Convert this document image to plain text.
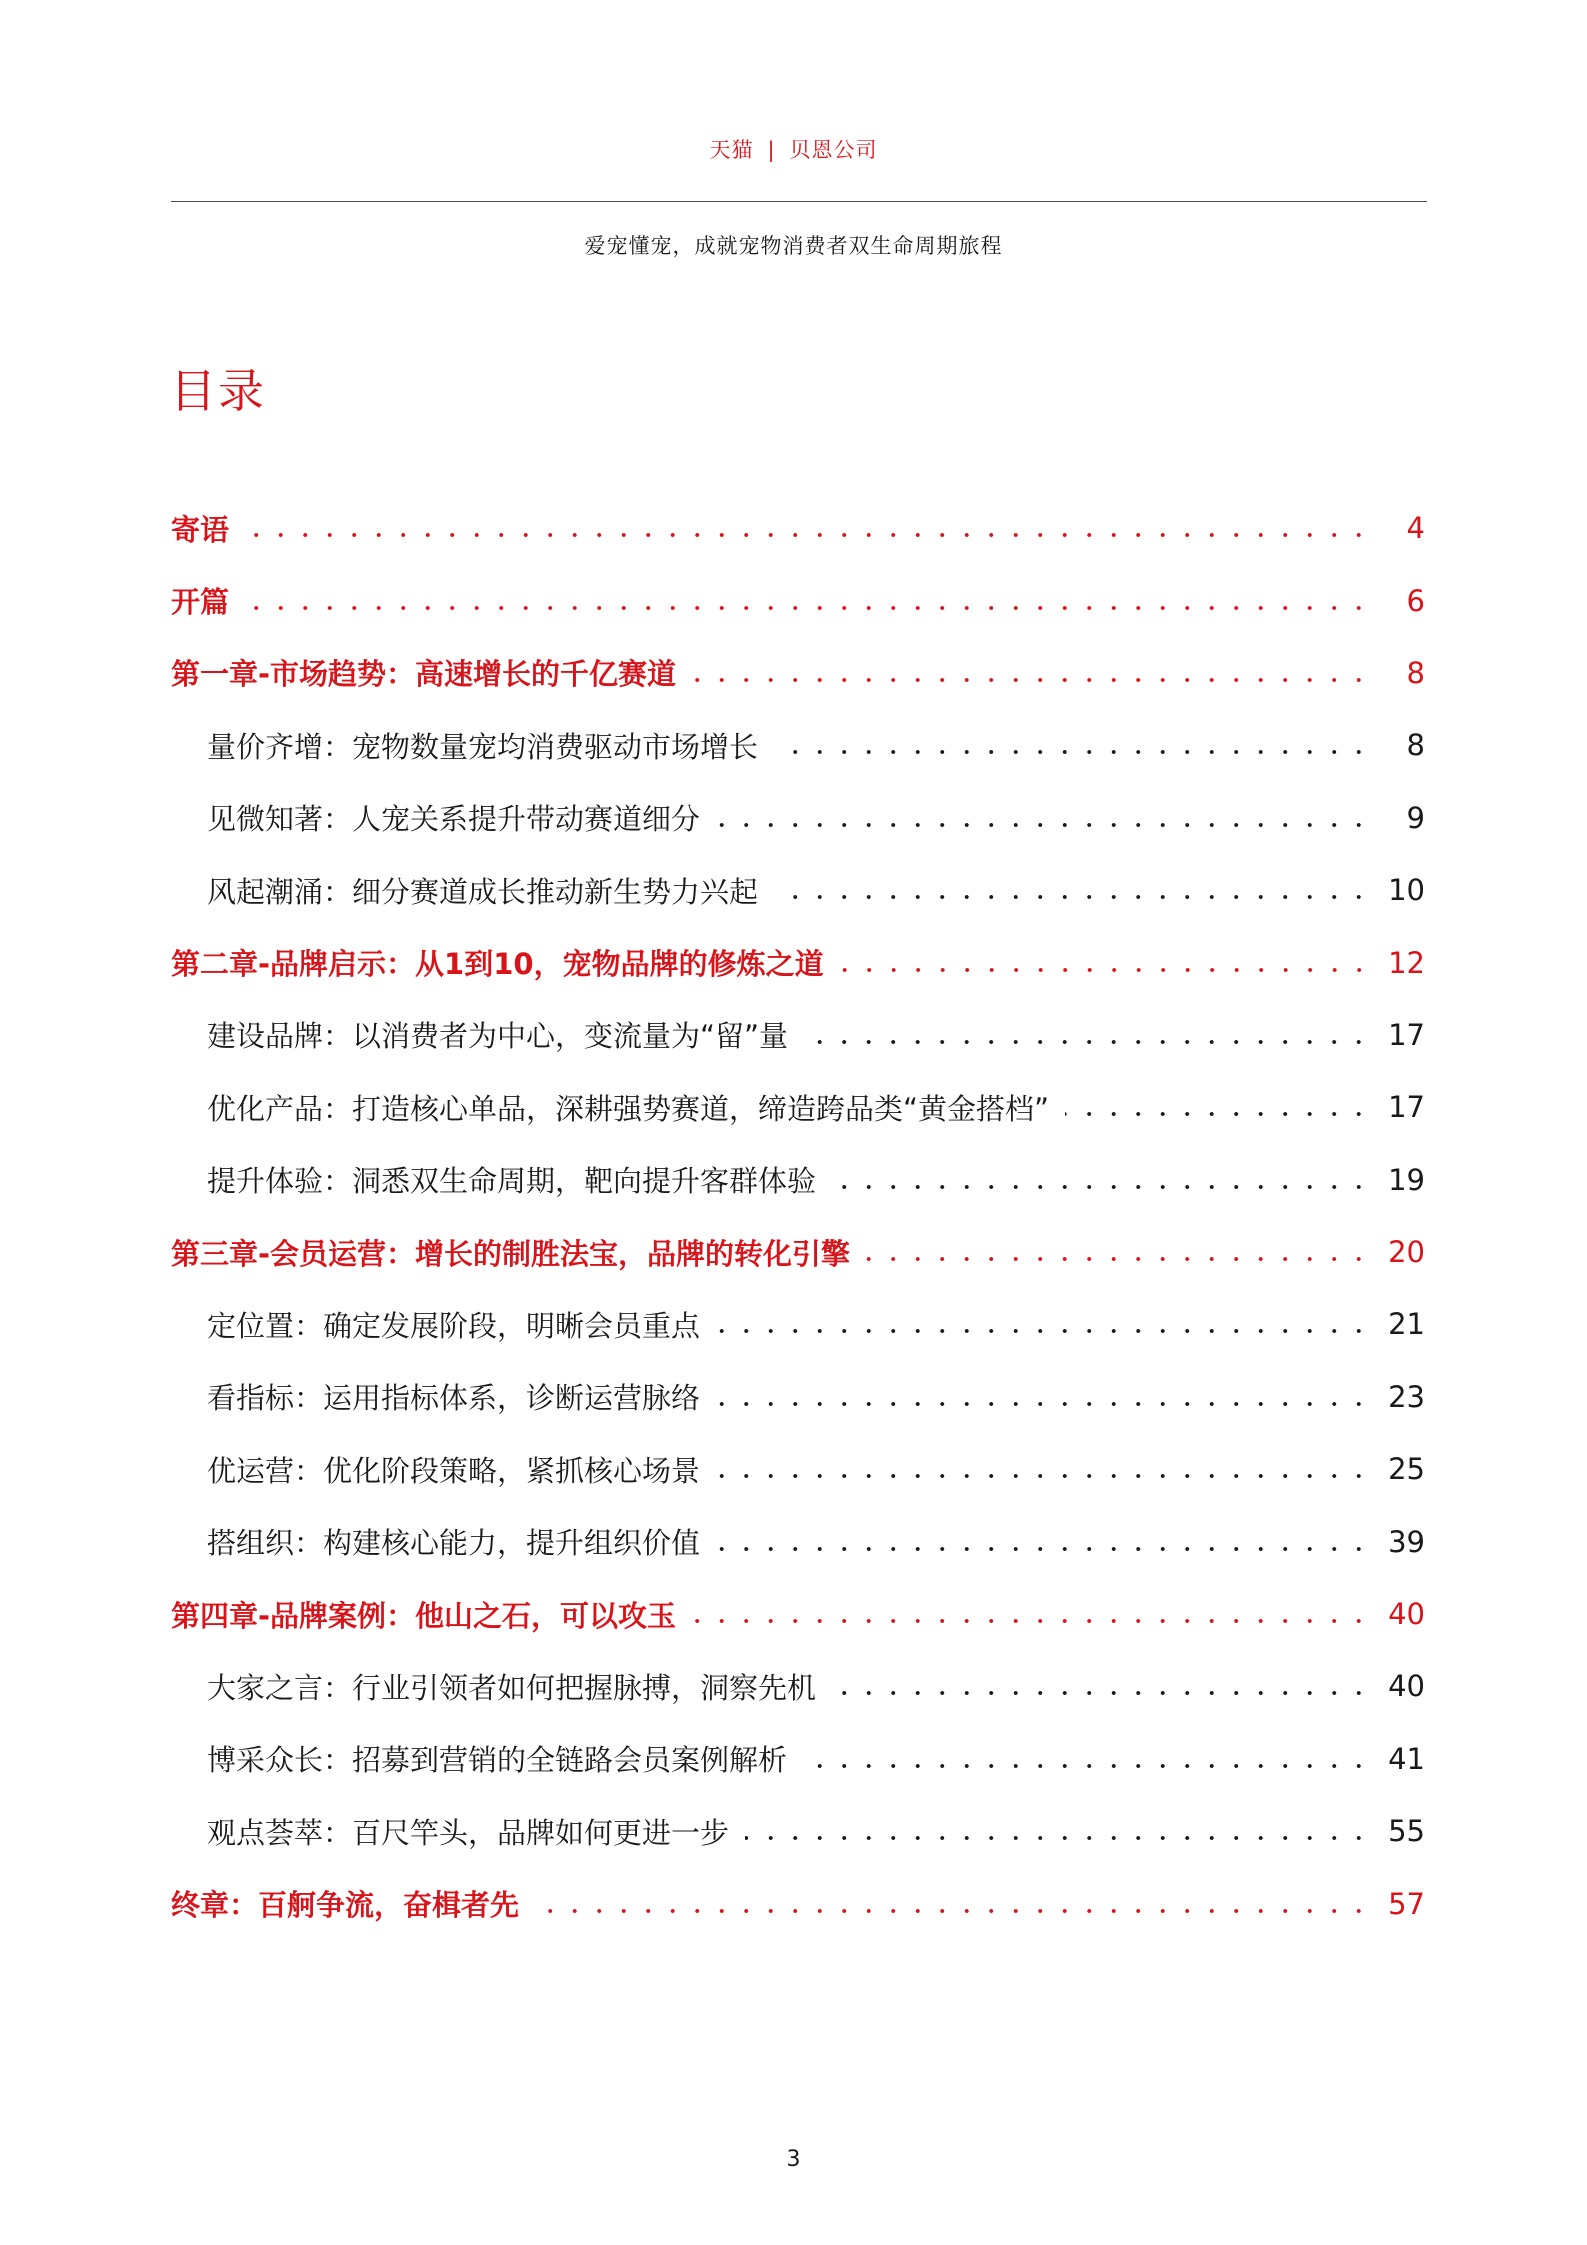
天猫 | 贝恩公司
爱宠懂宠，成就宠物消费者双生命周期旅程
目录
寄语	4
开篇	6
第一章-市场趋势：高速增长的千亿赛道	8
量价齐增：宠物数量宠均消费驱动市场增长	8
见微知著：人宠关系提升带动赛道细分	9
风起潮涌：细分赛道成长推动新生势力兴起	10
第二章-品牌启示：从1到10，宠物品牌的修炼之道	12
建设品牌：以消费者为中心，变流量为“留”量	17
优化产品：打造核心单品，深耕强势赛道，缔造跨品类“黄金搭档”	17
提升体验：洞悉双生命周期，靶向提升客群体验	19
第三章-会员运营：增长的制胜法宝，品牌的转化引擎	20
定位置：确定发展阶段，明晰会员重点	21
看指标：运用指标体系，诊断运营脉络	23
优运营：优化阶段策略，紧抓核心场景	25
搭组织：构建核心能力，提升组织价值	39
第四章-品牌案例：他山之石，可以攻玉	40
大家之言：行业引领者如何把握脉搏，洞察先机	40
博采众长：招募到营销的全链路会员案例解析	41
观点荟萃：百尺竿头，品牌如何更进一步	55
终章：百舸争流，奋楫者先	57
3
